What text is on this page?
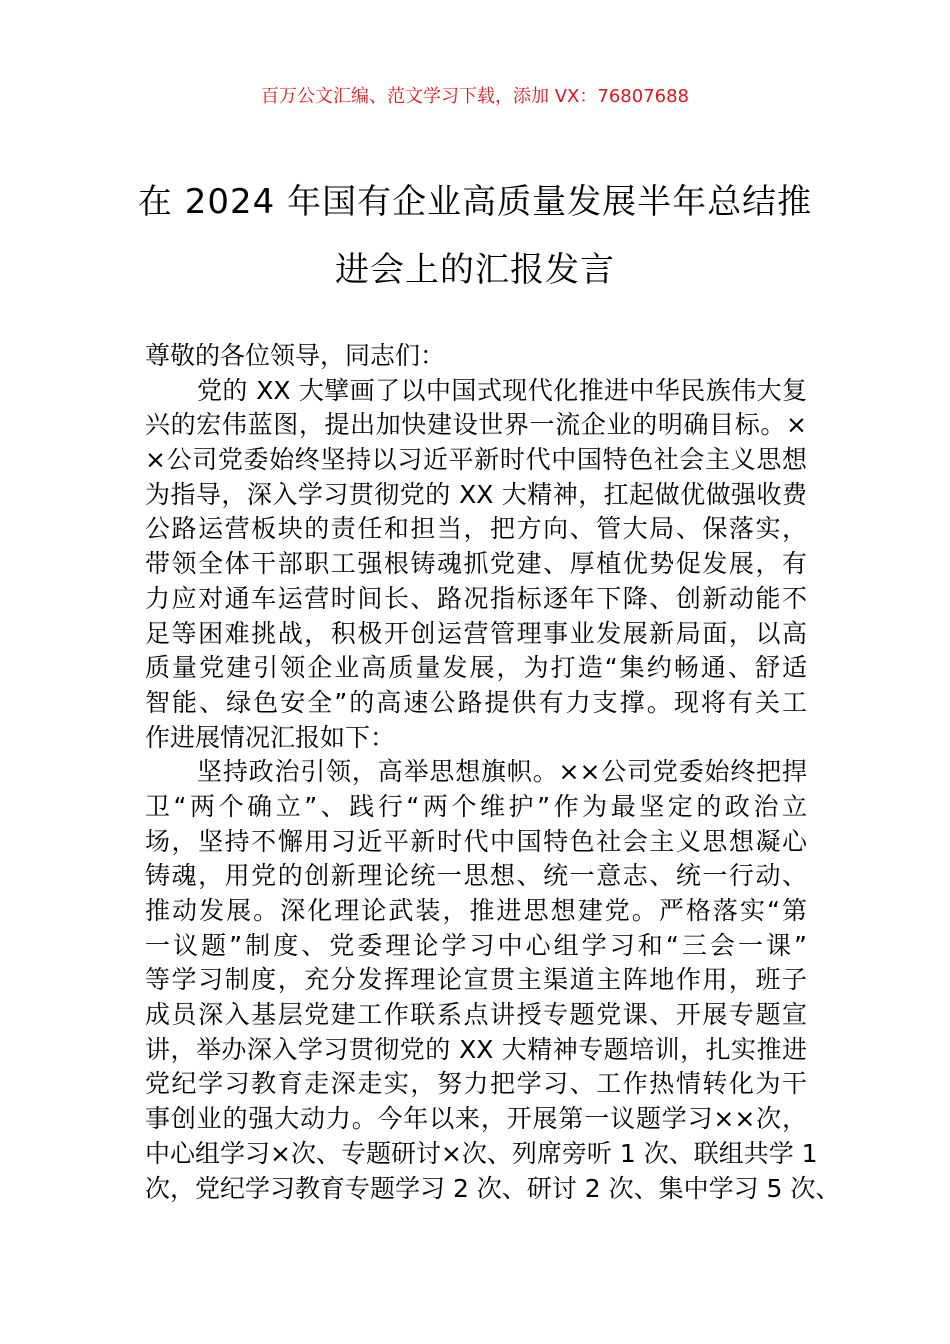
百万公文汇编、范文学习下载，添加 VX：76807688
在 2024 年国有企业高质量发展半年总结推
进会上的汇报发言
尊敬的各位领导，同志们：
党的 XX 大擘画了以中国式现代化推进中华民族伟大复
兴的宏伟蓝图，提出加快建设世界一流企业的明确目标。×
×公司党委始终坚持以习近平新时代中国特色社会主义思想
为指导，深入学习贯彻党的 XX 大精神，扛起做优做强收费
公路运营板块的责任和担当，把方向、管大局、保落实，
带领全体干部职工强根铸魂抓党建、厚植优势促发展，有
力应对通车运营时间长、路况指标逐年下降、创新动能不
足等困难挑战，积极开创运营管理事业发展新局面，以高
质量党建引领企业高质量发展，为打造“集约畅通、舒适
智能、绿色安全”的高速公路提供有力支撑。现将有关工
作进展情况汇报如下：
坚持政治引领，高举思想旗帜。××公司党委始终把捍
卫“两个确立”、践行“两个维护”作为最坚定的政治立
场，坚持不懈用习近平新时代中国特色社会主义思想凝心
铸魂，用党的创新理论统一思想、统一意志、统一行动、
推动发展。深化理论武装，推进思想建党。严格落实“第
一议题”制度、党委理论学习中心组学习和“三会一课”
等学习制度，充分发挥理论宣贯主渠道主阵地作用，班子
成员深入基层党建工作联系点讲授专题党课、开展专题宣
讲，举办深入学习贯彻党的 XX 大精神专题培训，扎实推进
党纪学习教育走深走实，努力把学习、工作热情转化为干
事创业的强大动力。今年以来，开展第一议题学习××次，
中心组学习×次、专题研讨×次、列席旁听 1 次、联组共学 1
次，党纪学习教育专题学习 2 次、研讨 2 次、集中学习 5 次、
